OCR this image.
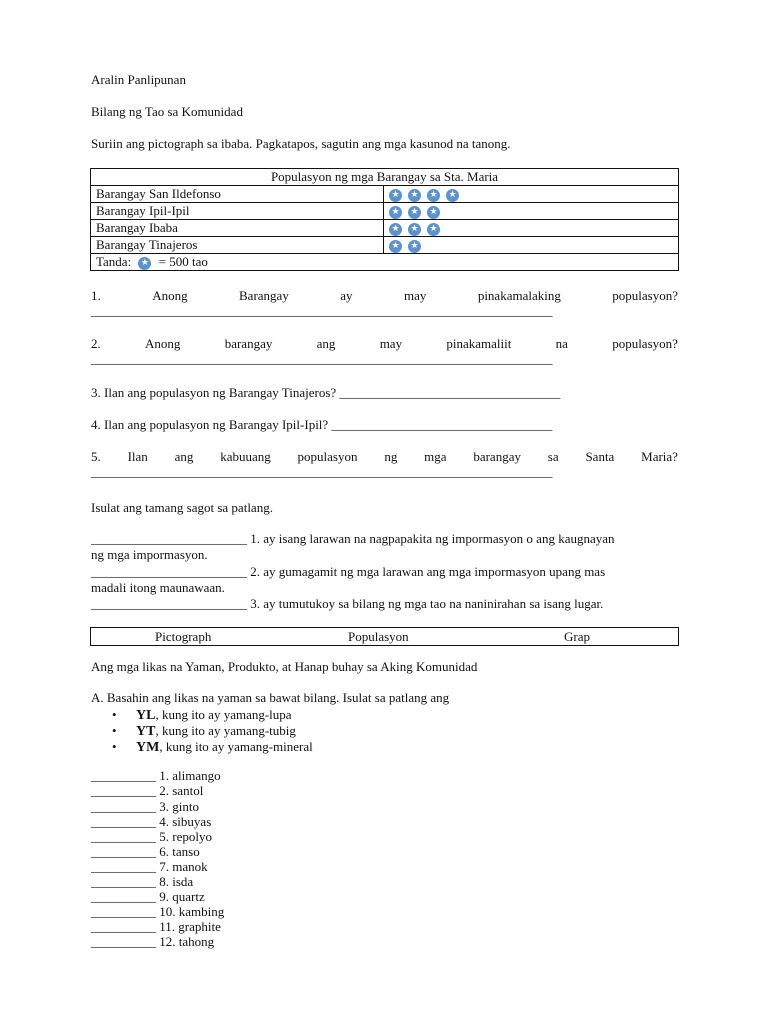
Aralin Panlipunan
Bilang ng Tao sa Komunidad
Suriin ang pictograph sa ibaba. Pagkatapos, sagutin ang mga kasunod na tanong.
Populasyon ng mga Barangay sa Sta. Maria	
Barangay San Ildefonso	★ ★ ★ ★
Barangay Ipil-Ipil	★ ★ ★
Barangay Ibaba	★ ★ ★
Barangay Tinajeros	★ ★
Tanda: ★ = 500 tao	
1.	Anong	Barangay	ay	may	pinakamalaking	populasyon?
_______________________________________________________________________
2.	Anong	barangay	ang	may	pinakamaliit	na	populasyon?
_______________________________________________________________________
3. Ilan ang populasyon ng Barangay Tinajeros? __________________________________
4. Ilan ang populasyon ng Barangay Ipil-Ipil? __________________________________
5. Ilan ang kabuuang populasyon ng mga barangay sa Santa Maria?
_______________________________________________________________________
Isulat ang tamang sagot sa patlang.
________________________ 1. ay isang larawan na nagpapakita ng impormasyon o ang kaugnayan
ng mga impormasyon.
________________________ 2. ay gumagamit ng mga larawan ang mga impormasyon upang mas
madali itong maunawaan.
________________________ 3. ay tumutukoy sa bilang ng mga tao na naninirahan sa isang lugar.
Pictograph	Populasyon	Grap
Ang mga likas na Yaman, Produkto, at Hanap buhay sa Aking Komunidad
A. Basahin ang likas na yaman sa bawat bilang. Isulat sa patlang ang

•

YL, kung ito ay yamang-lupa

•

YT, kung ito ay yamang-tubig

•

YM, kung ito ay yamang-mineral

__________ 1. alimango
__________ 2. santol
__________ 3. ginto
__________ 4. sibuyas
__________ 5. repolyo
__________ 6. tanso
__________ 7. manok
__________ 8. isda
__________ 9. quartz
__________ 10. kambing
__________ 11. graphite
__________ 12. tahong
